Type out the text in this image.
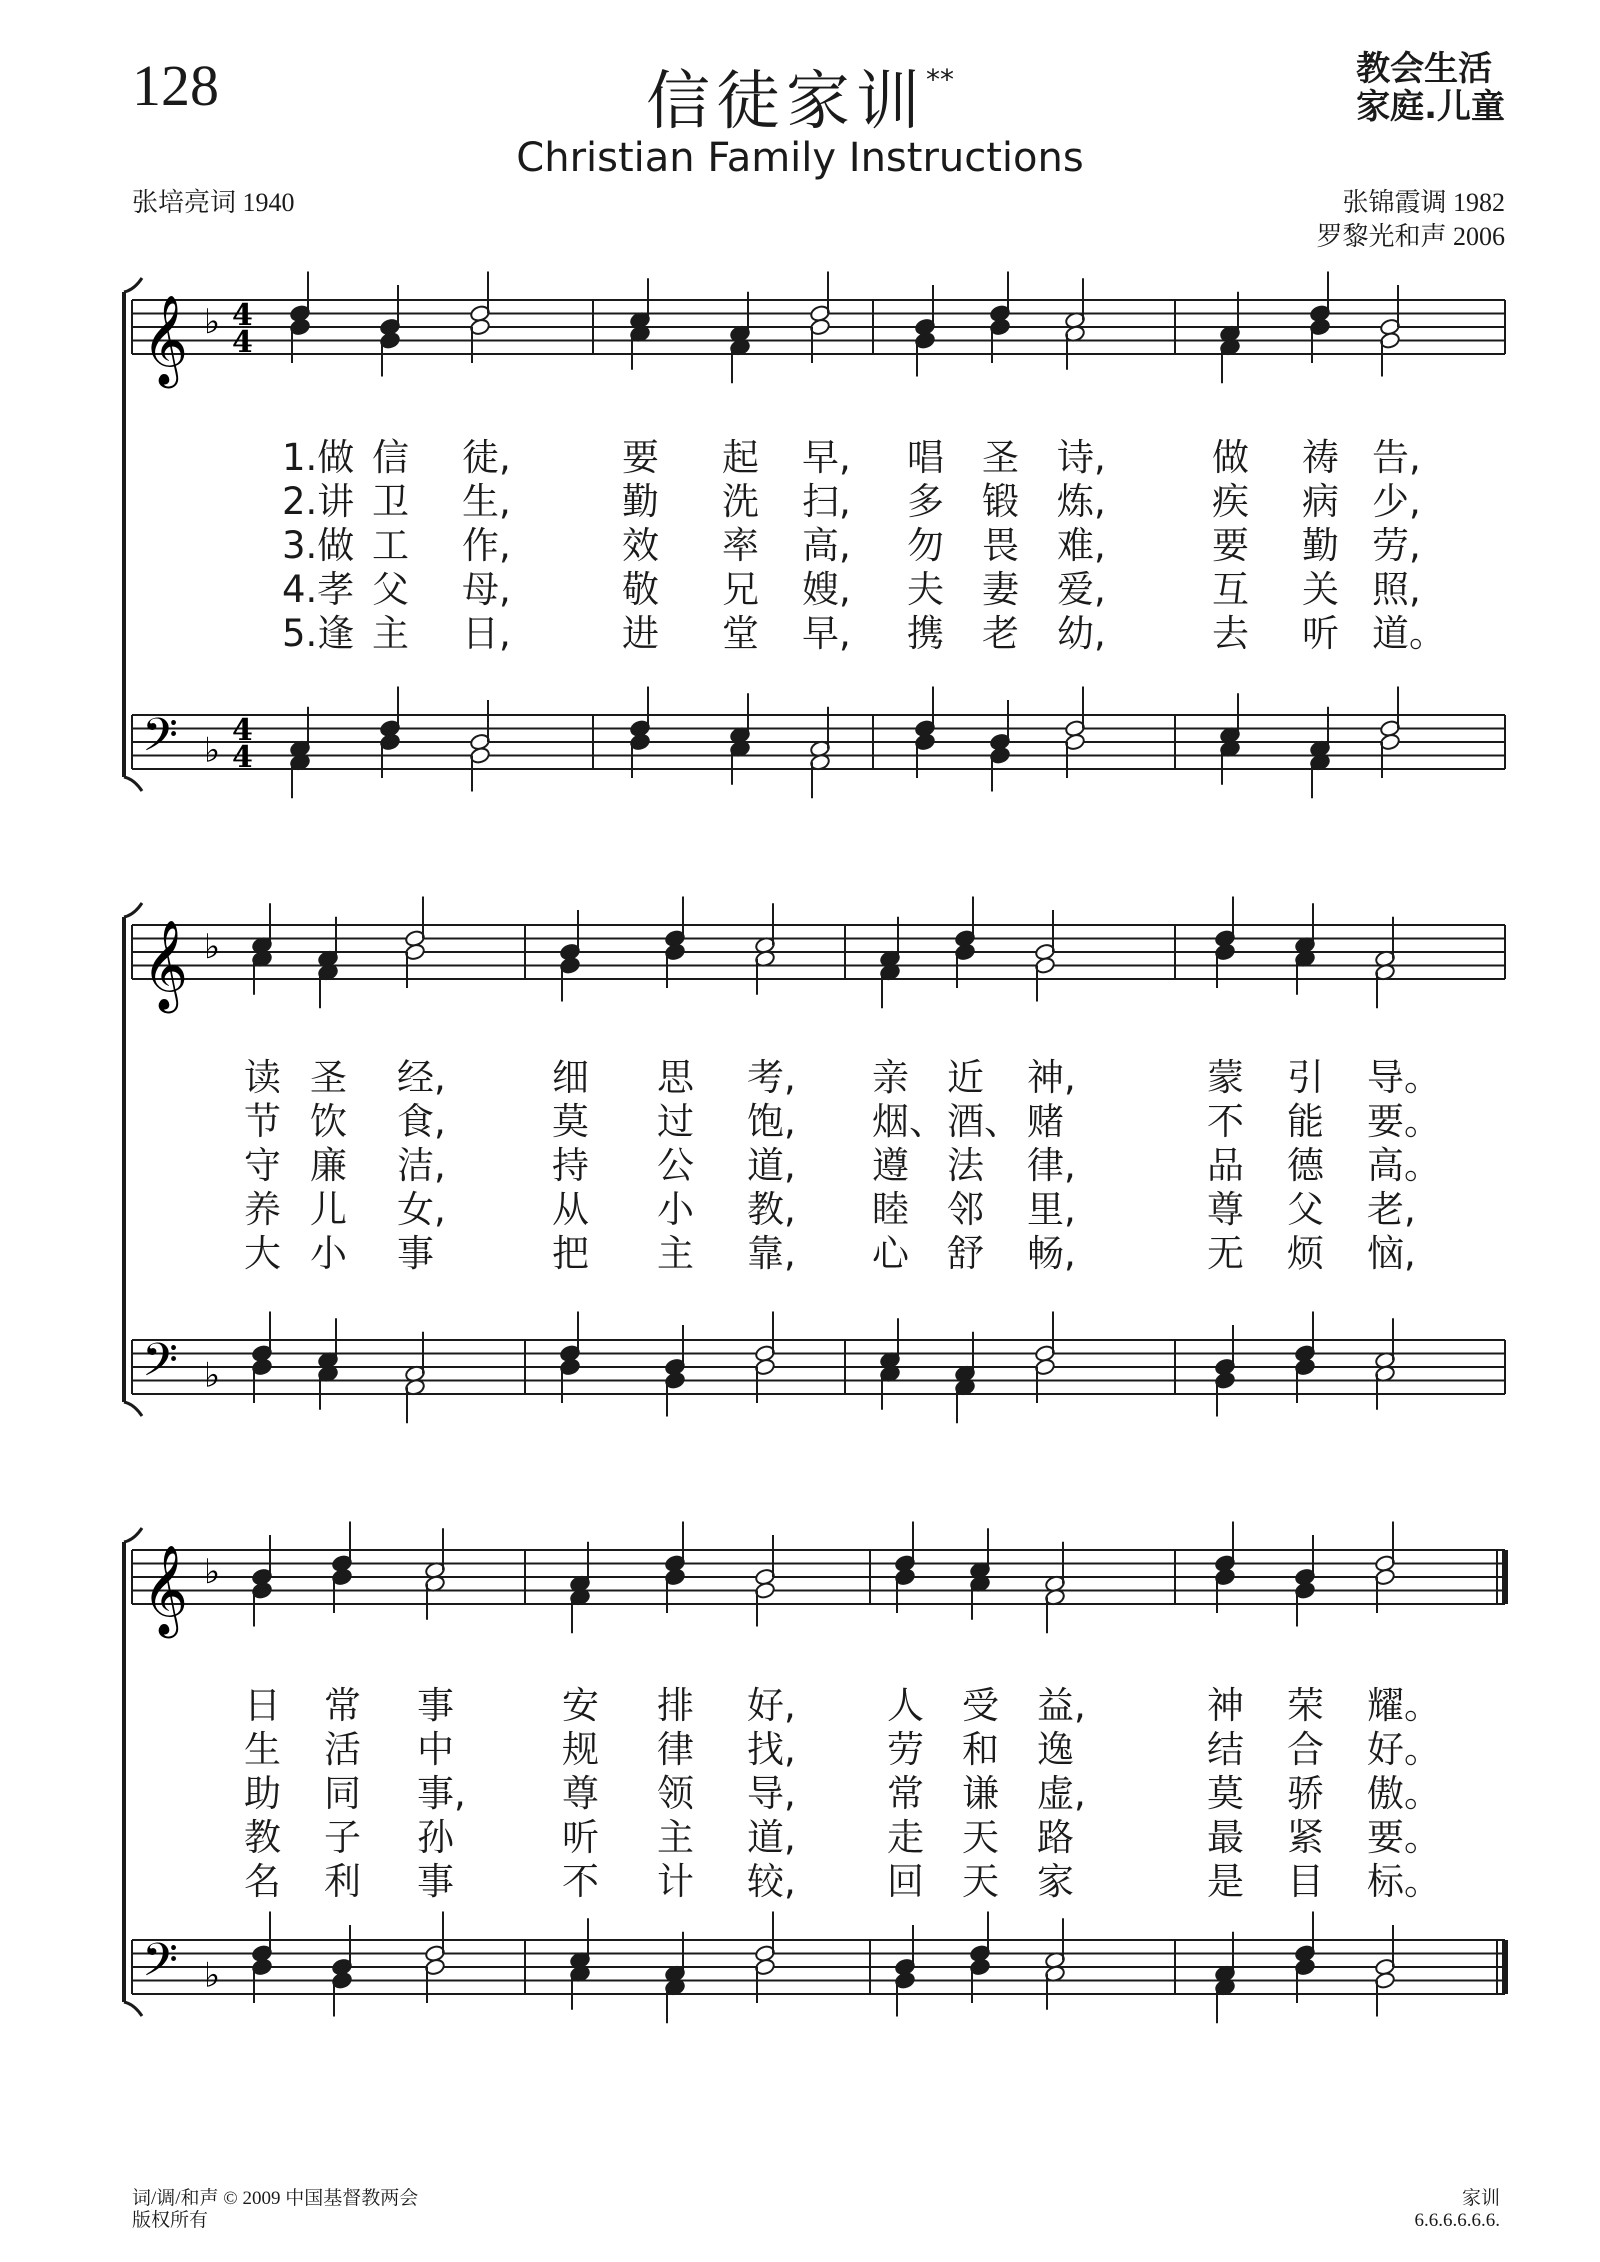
128	信徒家训**
Christian Family Instructions
教会生活
家庭.儿童
张培亮词 1940	张锦霞调 1982
罗黎光和声 2006
𝄞 ♭ 4
4
𝄢 ♭ 4
4
1.做 信 徒,	要 起 早, 唱 圣 诗,	做 祷 告,
2.讲 卫 生,	勤 洗 扫, 多 锻 炼,	疾 病 少,
3.做 工 作,	效 率 高, 勿 畏 难,	要 勤 劳,
4.孝 父 母,	敬 兄 嫂, 夫 妻 爱,	互 关 照,
5.逢 主 日,	进 堂 早, 携 老 幼,	去 听 道。
𝄞 ♭
𝄢 ♭
读 圣 经,	细 思 考, 亲 近 神,	蒙 引 导。
节 饮 食,	莫 过 饱, 烟、 酒、 赌	不 能 要。
守 廉 洁,	持 公 道, 遵 法 律,	品 德 高。
养 儿 女,	从 小 教, 睦 邻 里,	尊 父 老,
大 小 事	把 主 靠, 心 舒 畅,	无 烦 恼,
𝄞 ♭
𝄢 ♭
日 常 事	安 排 好, 人 受 益,	神 荣 耀。
生 活 中	规 律 找, 劳 和 逸	结 合 好。
助 同 事,	尊 领 导, 常 谦 虚,	莫 骄 傲。
教 子 孙	听 主 道, 走 天 路	最 紧 要。
名 利 事	不 计 较, 回 天 家	是 目 标。
词/调/和声 © 2009 中国基督教两会
版权所有
家训
6.6.6.6.6.6.
